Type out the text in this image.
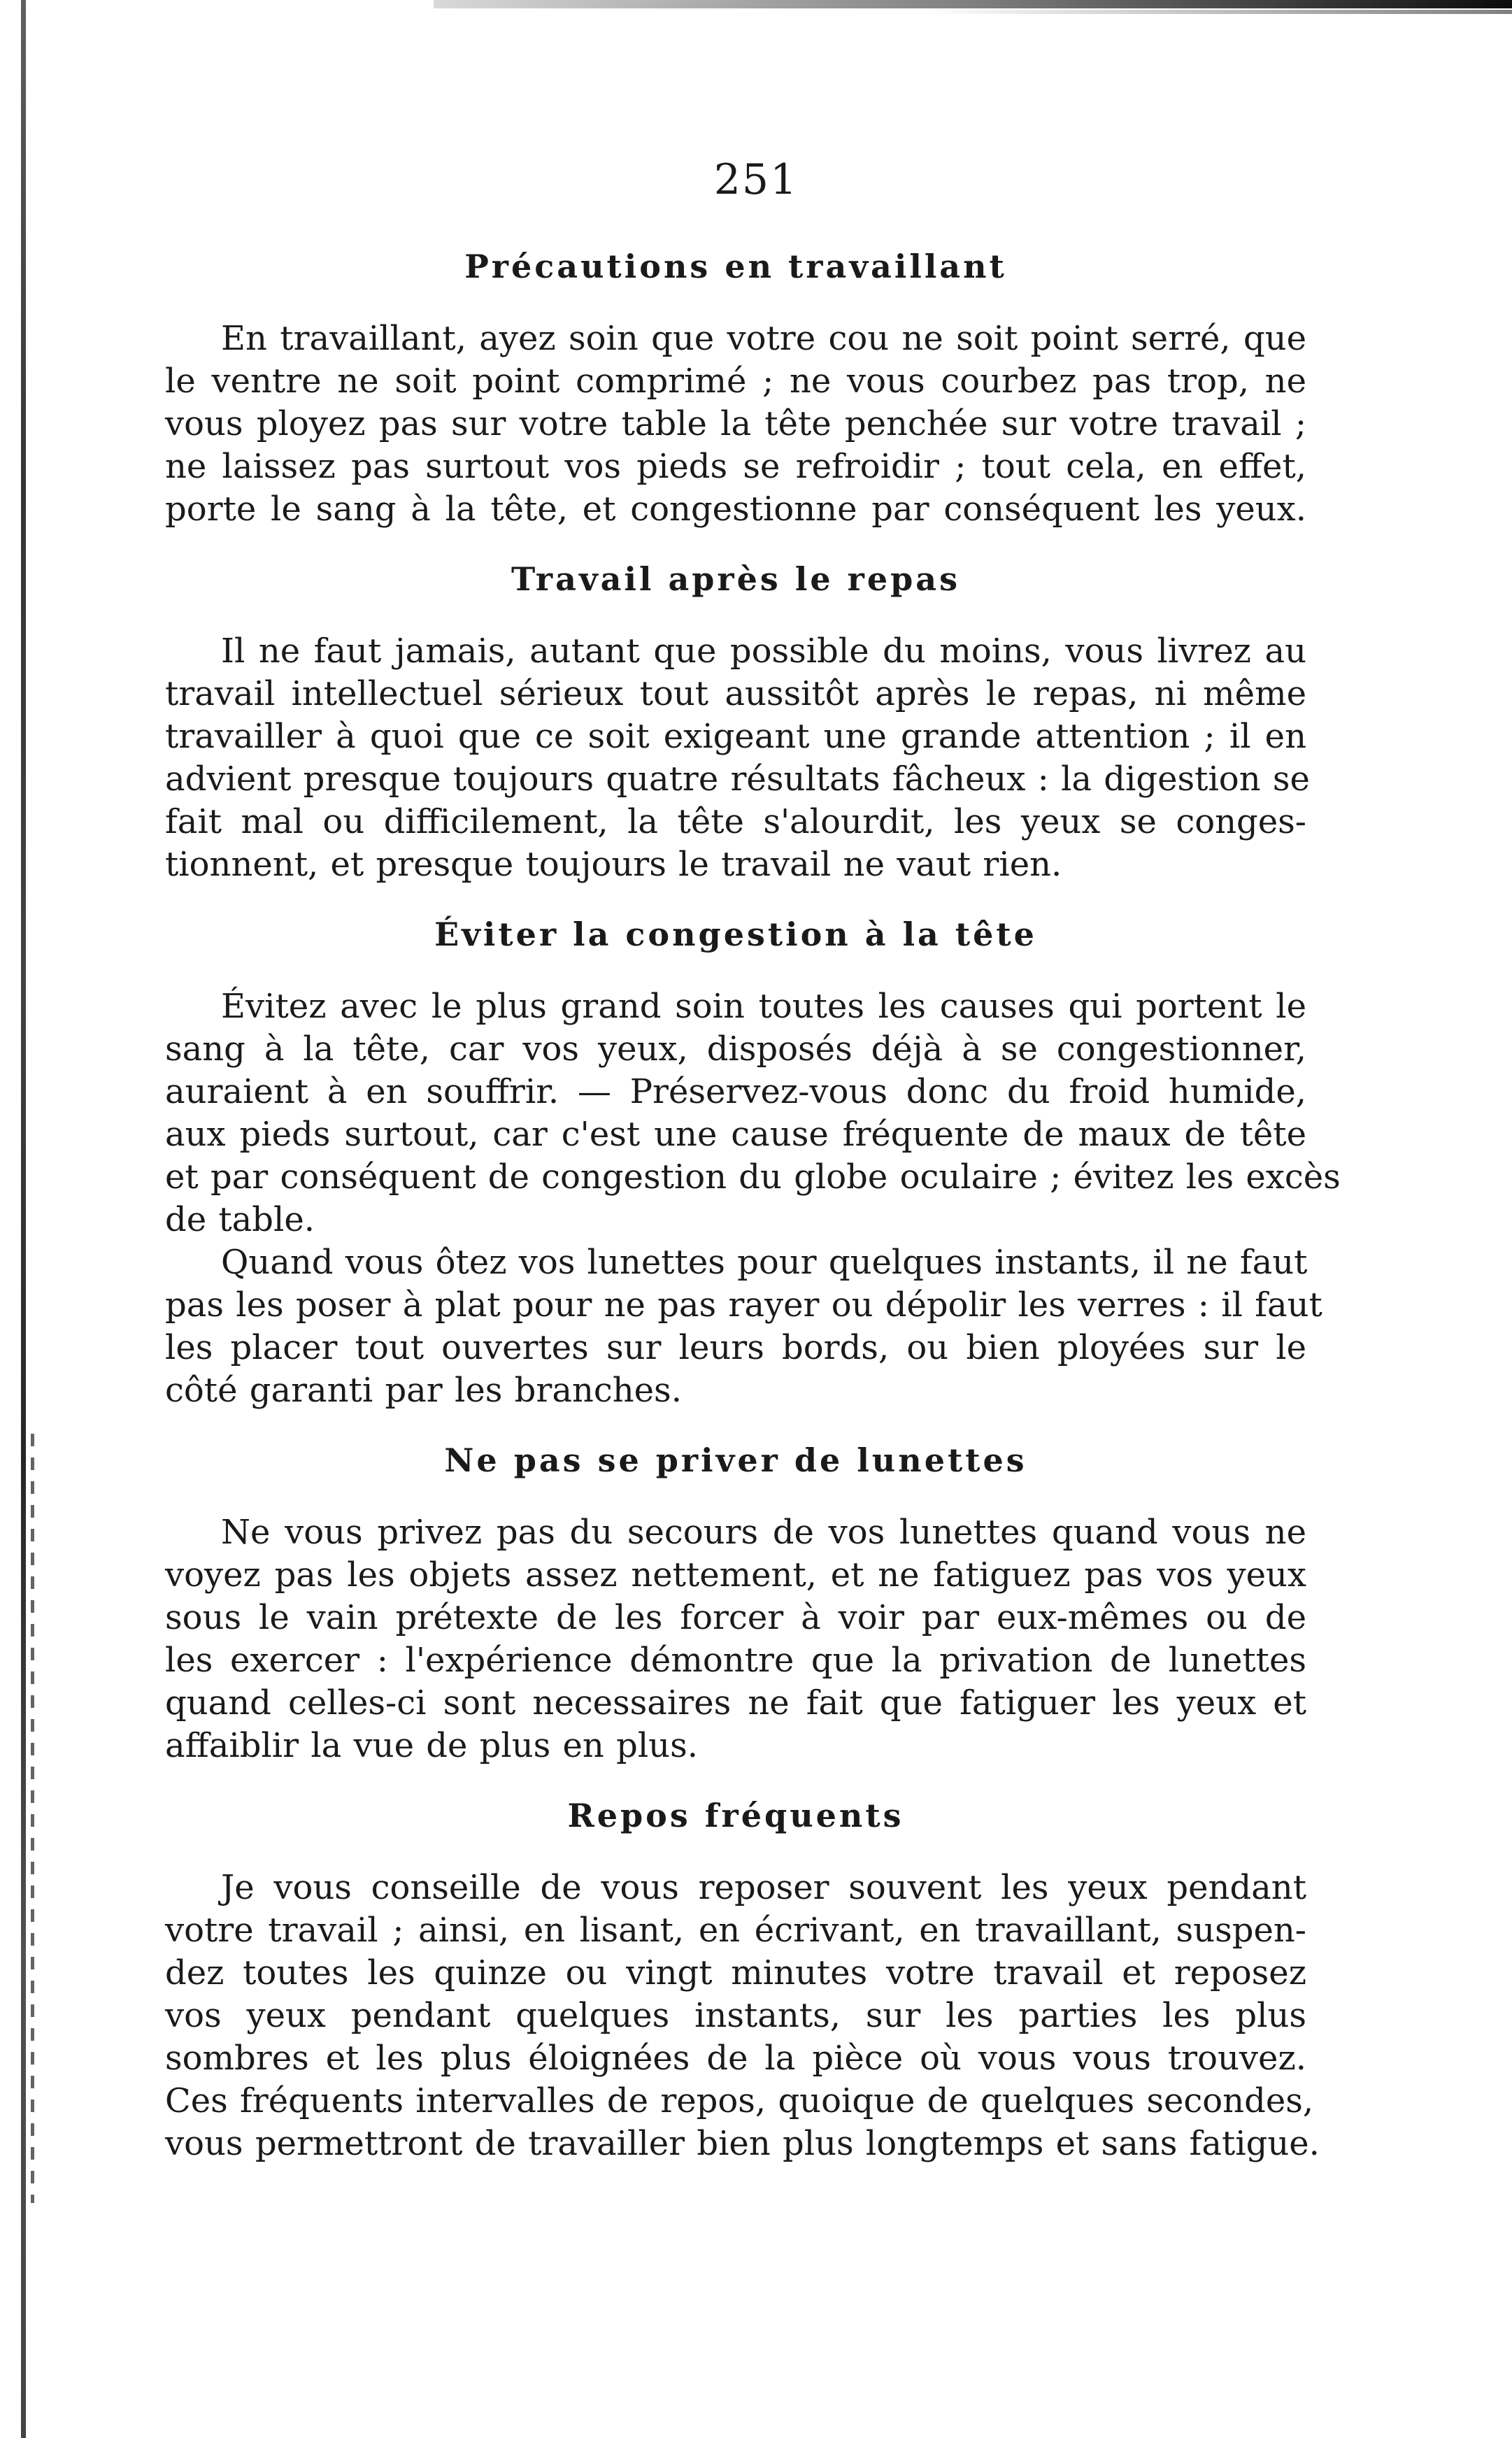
251
Précautions en travaillant

En travaillant, ayez soin que votre cou ne soit point serré, que
le ventre ne soit point comprimé ; ne vous courbez pas trop, ne
vous ployez pas sur votre table la tête penchée sur votre travail ;
ne laissez pas surtout vos pieds se refroidir ; tout cela, en effet,
porte le sang à la tête, et congestionne par conséquent les yeux.

Travail après le repas

Il ne faut jamais, autant que possible du moins, vous livrez au
travail intellectuel sérieux tout aussitôt après le repas, ni même
travailler à quoi que ce soit exigeant une grande attention ; il en
advient presque toujours quatre résultats fâcheux : la digestion se
fait mal ou difficilement, la tête s'alourdit, les yeux se conges-
tionnent, et presque toujours le travail ne vaut rien.

Éviter la congestion à la tête

Évitez avec le plus grand soin toutes les causes qui portent le
sang à la tête, car vos yeux, disposés déjà à se congestionner,
auraient à en souffrir. — Préservez-vous donc du froid humide,
aux pieds surtout, car c'est une cause fréquente de maux de tête
et par conséquent de congestion du globe oculaire ; évitez les excès
de table.

Quand vous ôtez vos lunettes pour quelques instants, il ne faut
pas les poser à plat pour ne pas rayer ou dépolir les verres : il faut
les placer tout ouvertes sur leurs bords, ou bien ployées sur le
côté garanti par les branches.

Ne pas se priver de lunettes

Ne vous privez pas du secours de vos lunettes quand vous ne
voyez pas les objets assez nettement, et ne fatiguez pas vos yeux
sous le vain prétexte de les forcer à voir par eux-mêmes ou de
les exercer : l'expérience démontre que la privation de lunettes
quand celles-ci sont necessaires ne fait que fatiguer les yeux et
affaiblir la vue de plus en plus.

Repos fréquents

Je vous conseille de vous reposer souvent les yeux pendant
votre travail ; ainsi, en lisant, en écrivant, en travaillant, suspen-
dez toutes les quinze ou vingt minutes votre travail et reposez
vos yeux pendant quelques instants, sur les parties les plus
sombres et les plus éloignées de la pièce où vous vous trouvez.
Ces fréquents intervalles de repos, quoique de quelques secondes,
vous permettront de travailler bien plus longtemps et sans fatigue.
